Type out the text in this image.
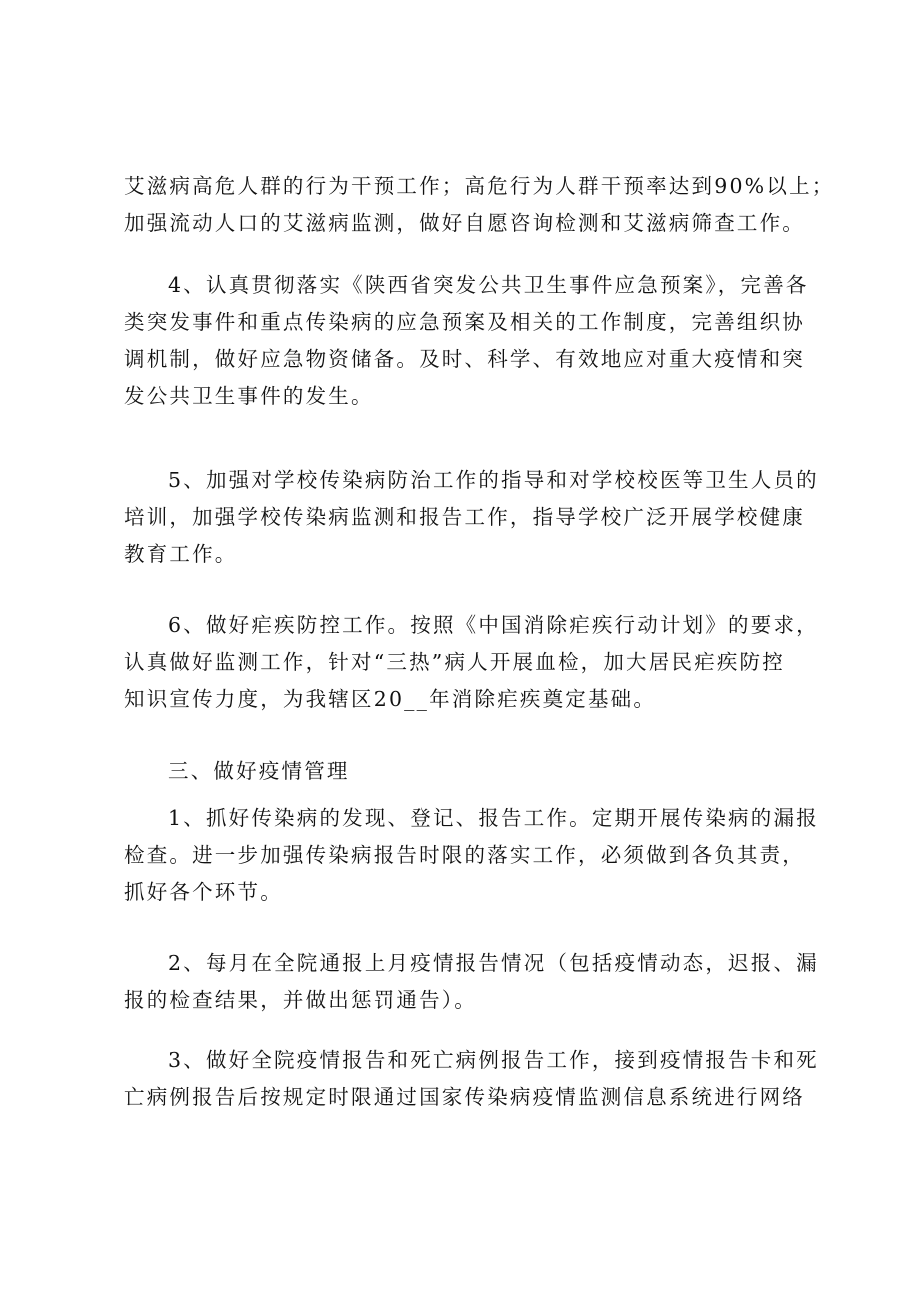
艾滋病高危人群的行为干预工作；高危行为人群干预率达到90%以上；
加强流动人口的艾滋病监测，做好自愿咨询检测和艾滋病筛查工作。
4、认真贯彻落实《陕西省突发公共卫生事件应急预案》，完善各
类突发事件和重点传染病的应急预案及相关的工作制度，完善组织协
调机制，做好应急物资储备。及时、科学、有效地应对重大疫情和突
发公共卫生事件的发生。
5、加强对学校传染病防治工作的指导和对学校校医等卫生人员的
培训，加强学校传染病监测和报告工作，指导学校广泛开展学校健康
教育工作。
6、做好疟疾防控工作。按照《中国消除疟疾行动计划》的要求，
认真做好监测工作，针对“三热”病人开展血检，加大居民疟疾防控
知识宣传力度，为我辖区20__年消除疟疾奠定基础。
三、做好疫情管理
1、抓好传染病的发现、登记、报告工作。定期开展传染病的漏报
检查。进一步加强传染病报告时限的落实工作，必须做到各负其责，
抓好各个环节。
2、每月在全院通报上月疫情报告情况（包括疫情动态，迟报、漏
报的检查结果，并做出惩罚通告）。
3、做好全院疫情报告和死亡病例报告工作，接到疫情报告卡和死
亡病例报告后按规定时限通过国家传染病疫情监测信息系统进行网络
